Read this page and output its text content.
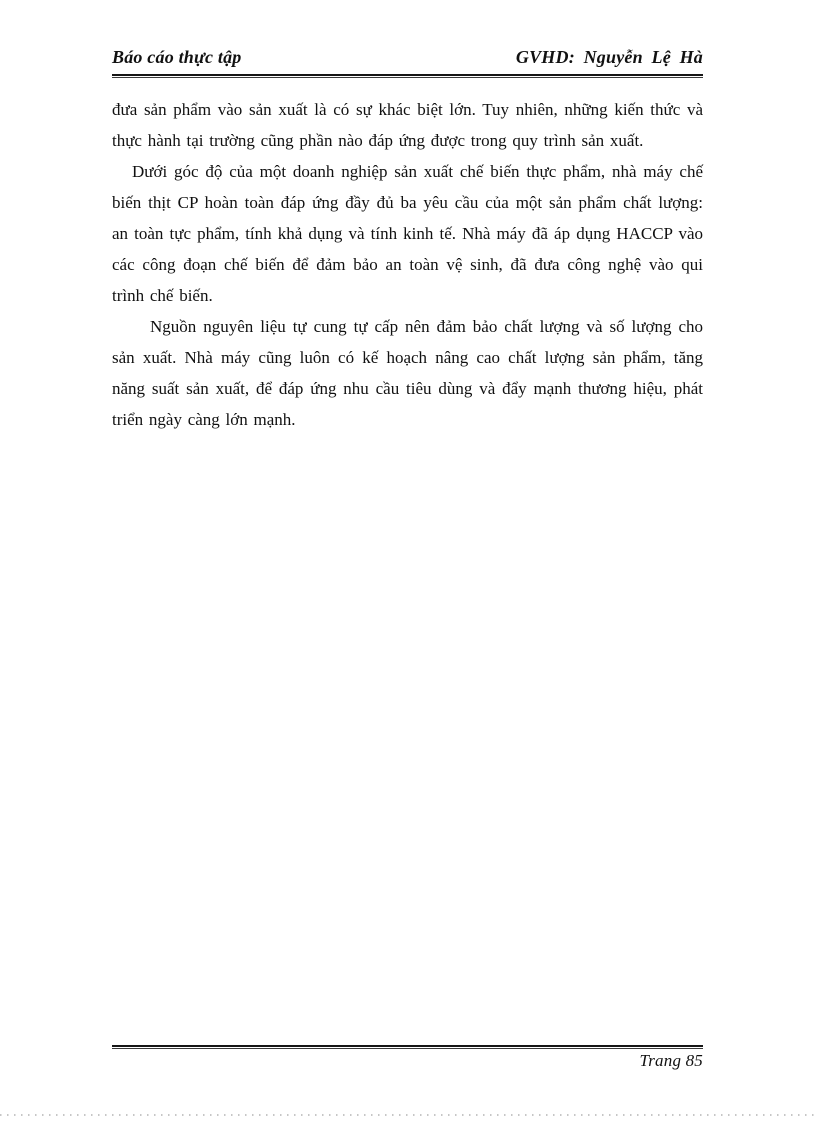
Báo cáo thực tập	GVHD: Nguyễn Lệ Hà

đưa sản phẩm vào sản xuất là có sự khác biệt lớn. Tuy nhiên, những kiến thức và thực hành tại trường cũng phần nào đáp ứng được trong quy trình sản xuất.

Dưới góc độ của một doanh nghiệp sản xuất chế biến thực phẩm, nhà máy chế biến thịt CP hoàn toàn đáp ứng đầy đủ ba yêu cầu của một sản phẩm chất lượng: an toàn tực phẩm, tính khả dụng và tính kinh tế. Nhà máy đã áp dụng HACCP vào các công đoạn chế biến để đảm bảo an toàn vệ sinh, đã đưa công nghệ vào qui trình chế biến.

Nguồn nguyên liệu tự cung tự cấp nên đảm bảo chất lượng và số lượng cho sản xuất. Nhà máy cũng luôn có kế hoạch nâng cao chất lượng sản phẩm, tăng năng suất sản xuất, để đáp ứng nhu cầu tiêu dùng và đẩy mạnh thương hiệu, phát triển ngày càng lớn mạnh.

Trang 85
